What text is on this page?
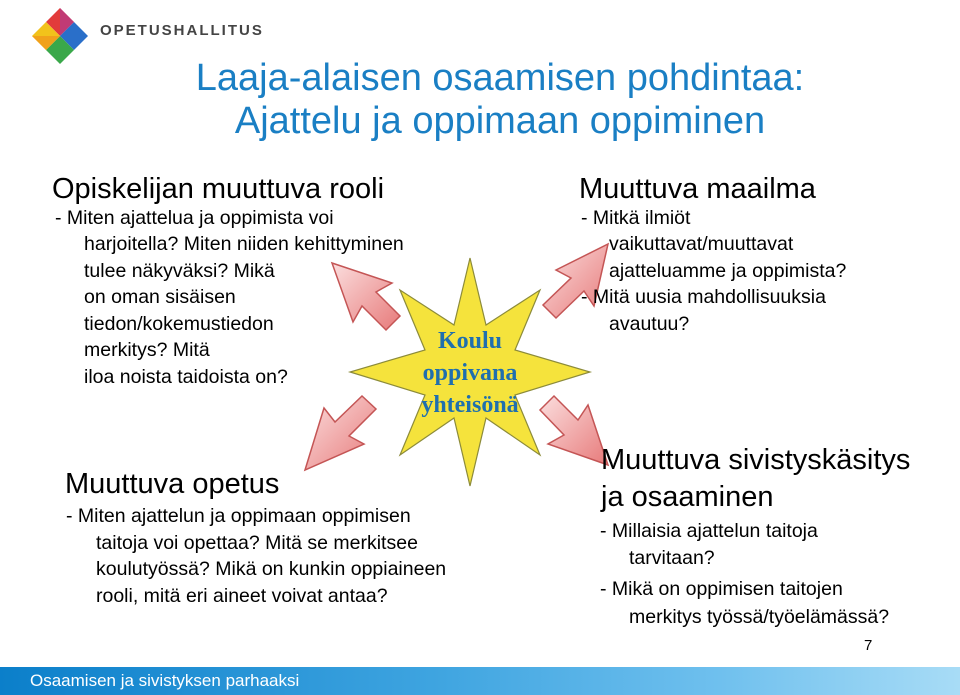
OPETUSHALLITUS
Laaja-alaisen osaamisen pohdintaa:
Ajattelu ja oppimaan oppiminen
Koulu
oppivana
yhteisönä
Opiskelijan muuttuva rooli
- Miten ajattelua ja oppimista voi
harjoitella? Miten niiden kehittyminen
tulee näkyväksi? Mikä
on oman sisäisen
tiedon/kokemustiedon
merkitys? Mitä
iloa noista taidoista on?
Muuttuva maailma
- Mitkä ilmiöt
vaikuttavat/muuttavat
ajatteluamme ja oppimista?
- Mitä uusia mahdollisuuksia
avautuu?
Muuttuva opetus
- Miten ajattelun ja oppimaan oppimisen
taitoja voi opettaa? Mitä se merkitsee
koulutyössä? Mikä on kunkin oppiaineen
rooli, mitä eri aineet voivat antaa?
Muuttuva sivistyskäsitys
ja osaaminen
- Millaisia ajattelun taitoja
tarvitaan?
- Mikä on oppimisen taitojen
merkitys työssä/työelämässä?
7
Osaamisen ja sivistyksen parhaaksi
